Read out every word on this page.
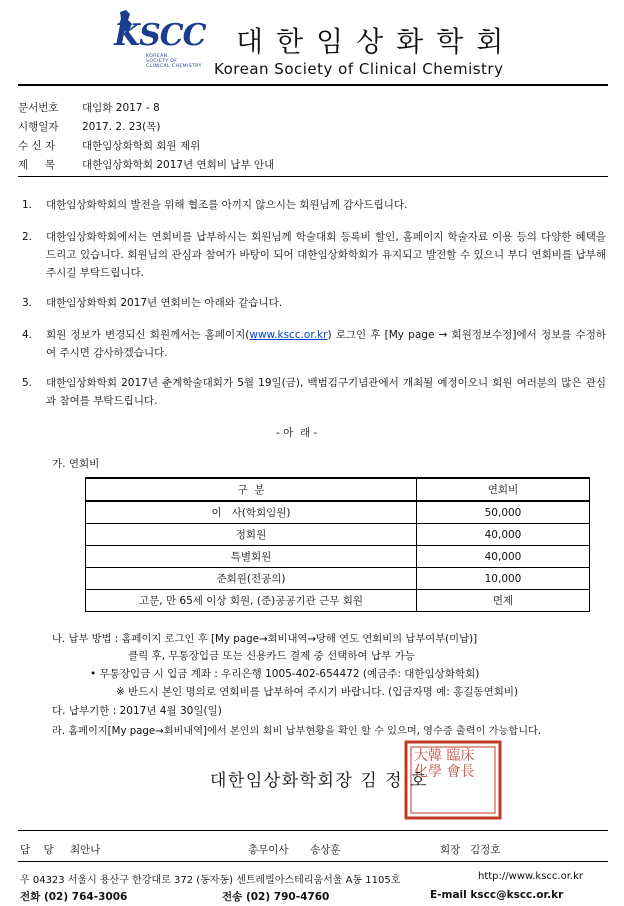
KSCC
KOREAN
SOCIETY OF
CLINICAL CHEMISTRY
대한임상화학회
Korean Society of Clinical Chemistry
문서번호 대임화 2017 - 8
시행일자 2017. 2. 23(목)
수 신 자	대한임상화학회 회원 제위
제     목	대한임상화학회 2017년 연회비 납부 안내
1. 대한임상화학회의 발전을 위해 협조를 아끼지 않으시는 회원님께 감사드립니다.
2. 대한임상화학회에서는 연회비를 납부하시는 회원님께 학술대회 등록비 할인, 홈페이지 학술자료 이용 등의 다양한 혜택을 드리고 있습니다. 회원님의 관심과 참여가 바탕이 되어 대한임상화학회가 유지되고 발전할 수 있으니 부디 연회비를 납부해 주시길 부탁드립니다.
3. 대한임상화학회 2017년 연회비는 아래와 같습니다.
4. 회원 정보가 변경되신 회원께서는 홈페이지(www.kscc.or.kr) 로그인 후 [My page → 회원정보수정]에서 정보를 수정하여 주시면 감사하겠습니다.
5. 대한임상화학회 2017년 춘계학술대회가 5월 19일(금), 백범김구기념관에서 개최될 예정이오니 회원 여러분의 많은 관심과 참여를 부탁드립니다.
- 아  래 -
가. 연회비
구  분	연회비
이   사(학회임원)	50,000
정회원	40,000
특별회원	40,000
준회원(전공의)	10,000
고문, 만 65세 이상 회원, (준)공공기관 근무 회원	면제
나. 납부 방법 : 홈페이지 로그인 후 [My page→회비내역→당해 연도 연회비의 납부여부(미납)]
클릭 후, 무통장입금 또는 신용카드 결제 중 선택하여 납부 가능
• 무통장입금 시 입금 계좌 : 우리은행 1005-402-654472 (예금주: 대한임상화학회)
※ 반드시 본인 명의로 연회비를 납부하여 주시기 바랍니다. (입금자명 예: 홍길동연회비)
다. 납부기한 : 2017년 4월 30일(일)
라. 홈페이지[My page→회비내역]에서 본인의 회비 납부현황을 확인 할 수 있으며, 영수증 출력이 가능합니다.
大韓 臨床
化學 會長
대한임상화학회장 김 정 호
담    당 최안나	총무이사 송상훈	회장 김정호
우 04323 서울시 용산구 한강대로 372 (동자동) 센트레빌아스테리움서울 A동 1105호	http://www.kscc.or.kr
전화 (02) 764-3006	전송 (02) 790-4760	E-mail kscc@kscc.or.kr
